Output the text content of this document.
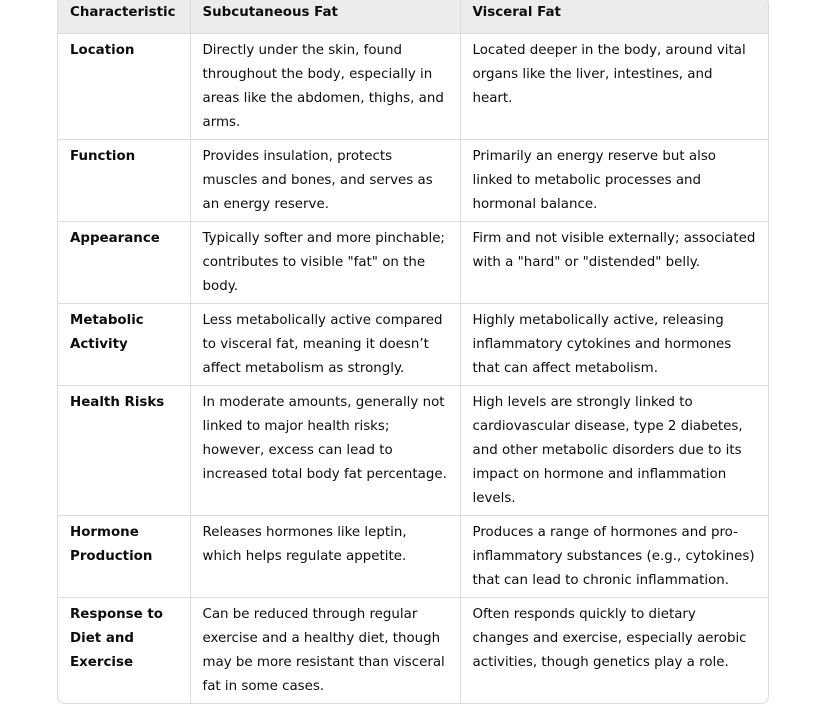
Characteristic	Subcutaneous Fat	Visceral Fat
Location	Directly under the skin, found throughout the body, especially in areas like the abdomen, thighs, and arms.	Located deeper in the body, around vital organs like the liver, intestines, and heart.
Function	Provides insulation, protects muscles and bones, and serves as an energy reserve.	Primarily an energy reserve but also linked to metabolic processes and hormonal balance.
Appearance	Typically softer and more pinchable; contributes to visible "fat" on the body.	Firm and not visible externally; associated with a "hard" or "distended" belly.
Metabolic Activity	Less metabolically active compared to visceral fat, meaning it doesn’t affect metabolism as strongly.	Highly metabolically active, releasing inflammatory cytokines and hormones that can affect metabolism.
Health Risks	In moderate amounts, generally not linked to major health risks; however, excess can lead to increased total body fat percentage.	High levels are strongly linked to cardiovascular disease, type 2 diabetes, and other metabolic disorders due to its impact on hormone and inflammation levels.
Hormone Production	Releases hormones like leptin, which helps regulate appetite.	Produces a range of hormones and pro-inflammatory substances (e.g., cytokines) that can lead to chronic inflammation.
Response to Diet and Exercise	Can be reduced through regular exercise and a healthy diet, though may be more resistant than visceral fat in some cases.	Often responds quickly to dietary changes and exercise, especially aerobic activities, though genetics play a role.
